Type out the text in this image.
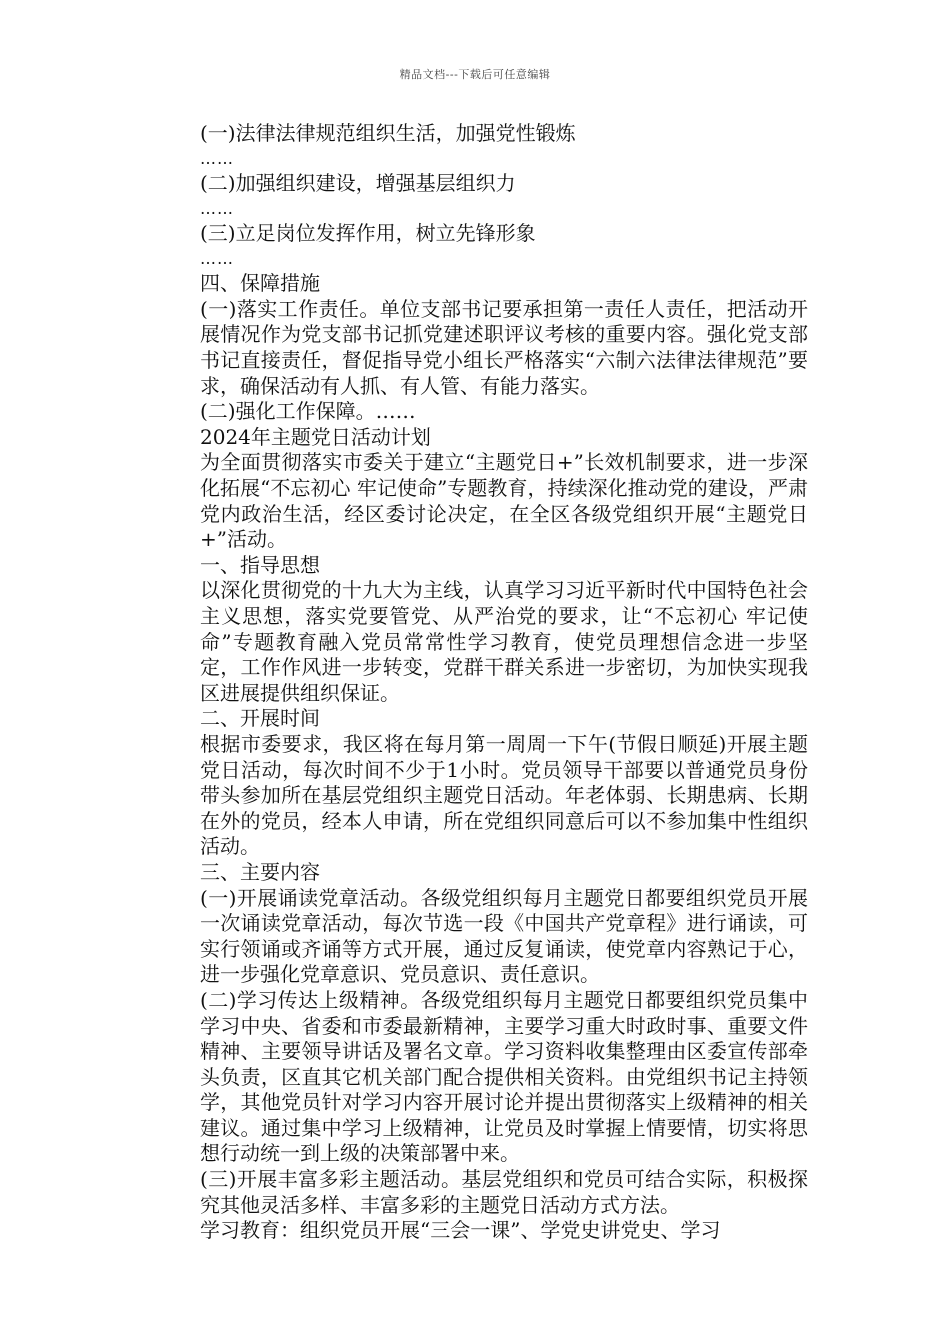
精品文档---下载后可任意编辑

(一)法律法律规范组织生活，加强党性锻炼

……

(二)加强组织建设，增强基层组织力

……

(三)立足岗位发挥作用，树立先锋形象

……

四、保障措施

(一)落实工作责任。单位支部书记要承担第一责任人责任，把活动开展情况作为党支部书记抓党建述职评议考核的重要内容。强化党支部书记直接责任，督促指导党小组长严格落实“六制六法律法律规范”要求，确保活动有人抓、有人管、有能力落实。

(二)强化工作保障。……

2024年主题党日活动计划

为全面贯彻落实市委关于建立“主题党日+”长效机制要求，进一步深化拓展“不忘初心 牢记使命”专题教育，持续深化推动党的建设，严肃党内政治生活，经区委讨论决定，在全区各级党组织开展“主题党日+”活动。

一、指导思想

以深化贯彻党的十九大为主线，认真学习习近平新时代中国特色社会主义思想，落实党要管党、从严治党的要求，让“不忘初心 牢记使命”专题教育融入党员常常性学习教育，使党员理想信念进一步坚定，工作作风进一步转变，党群干群关系进一步密切，为加快实现我区进展提供组织保证。

二、开展时间

根据市委要求，我区将在每月第一周周一下午(节假日顺延)开展主题党日活动，每次时间不少于1小时。党员领导干部要以普通党员身份带头参加所在基层党组织主题党日活动。年老体弱、长期患病、长期在外的党员，经本人申请，所在党组织同意后可以不参加集中性组织活动。

三、主要内容

(一)开展诵读党章活动。各级党组织每月主题党日都要组织党员开展一次诵读党章活动，每次节选一段《中国共产党章程》进行诵读，可实行领诵或齐诵等方式开展，通过反复诵读，使党章内容熟记于心，进一步强化党章意识、党员意识、责任意识。

(二)学习传达上级精神。各级党组织每月主题党日都要组织党员集中学习中央、省委和市委最新精神，主要学习重大时政时事、重要文件精神、主要领导讲话及署名文章。学习资料收集整理由区委宣传部牵头负责，区直其它机关部门配合提供相关资料。由党组织书记主持领学，其他党员针对学习内容开展讨论并提出贯彻落实上级精神的相关建议。通过集中学习上级精神，让党员及时掌握上情要情，切实将思想行动统一到上级的决策部署中来。

(三)开展丰富多彩主题活动。基层党组织和党员可结合实际，积极探究其他灵活多样、丰富多彩的主题党日活动方式方法。

学习教育：组织党员开展“三会一课”、学党史讲党史、学习
